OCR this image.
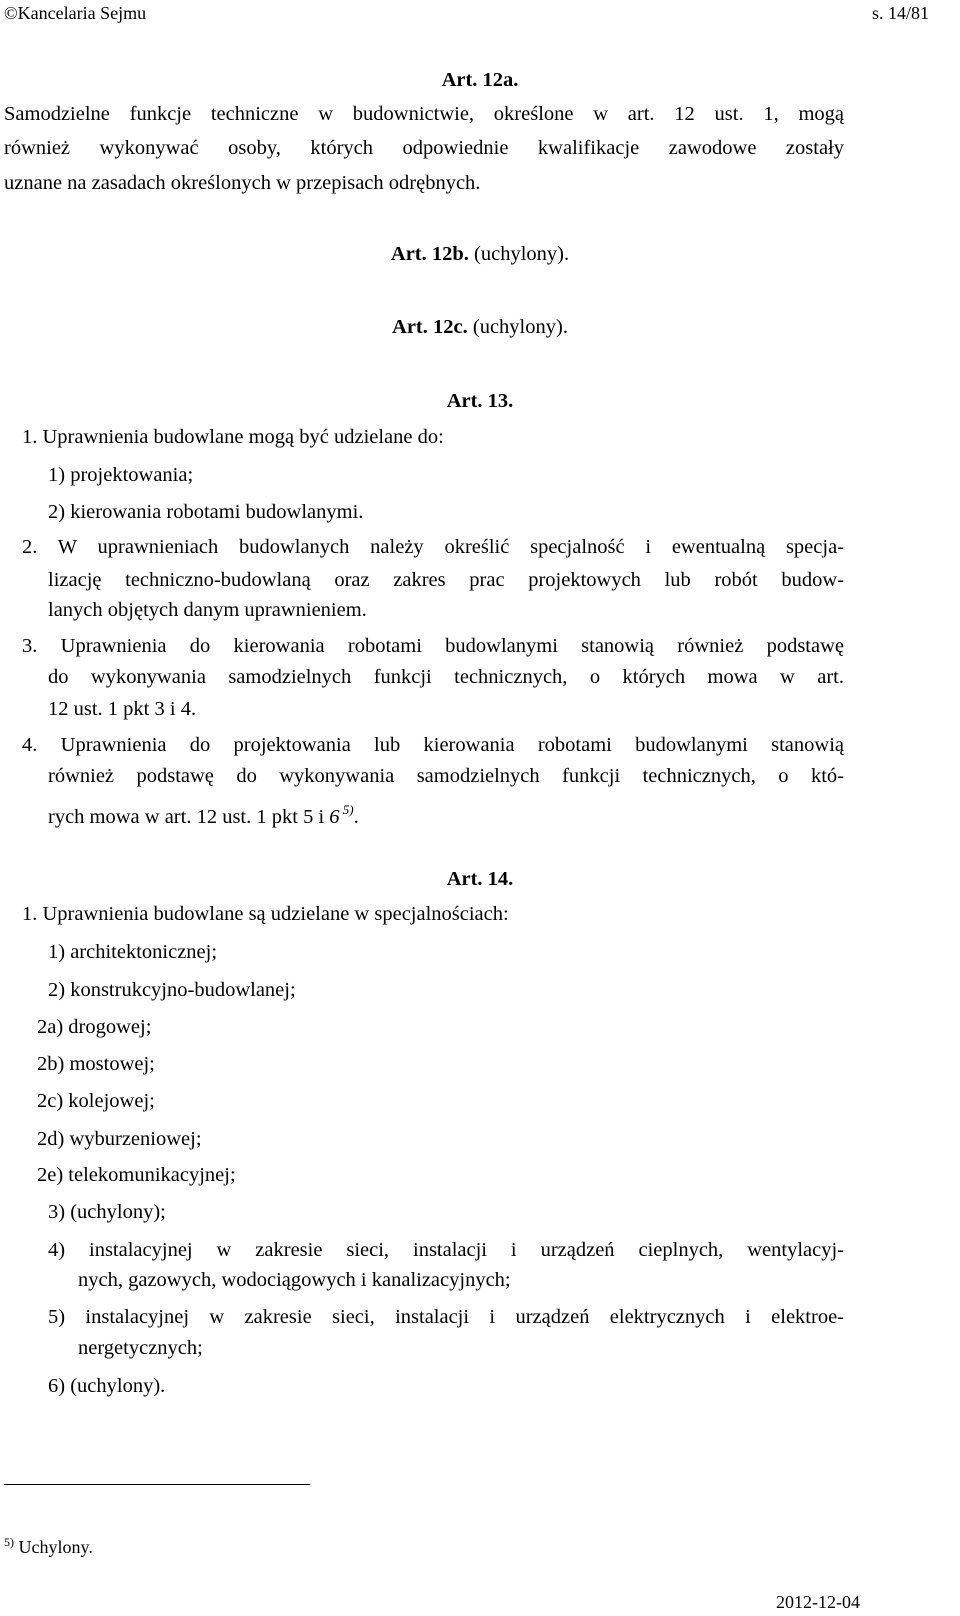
©Kancelaria Sejmu	s. 14/81
Art. 12a.
Samodzielne funkcje techniczne w budownictwie, określone w art. 12 ust. 1, mogą
również wykonywać osoby, których odpowiednie kwalifikacje zawodowe zostały
uznane na zasadach określonych w przepisach odrębnych.
Art. 12b. (uchylony).
Art. 12c. (uchylony).
Art. 13.
1. Uprawnienia budowlane mogą być udzielane do:
1) projektowania;
2) kierowania robotami budowlanymi.
2. W uprawnieniach budowlanych należy określić specjalność i ewentualną specja-
lizację techniczno-budowlaną oraz zakres prac projektowych lub robót budow-
lanych objętych danym uprawnieniem.
3. Uprawnienia do kierowania robotami budowlanymi stanowią również podstawę
do wykonywania samodzielnych funkcji technicznych, o których mowa w art.
12 ust. 1 pkt 3 i 4.
4. Uprawnienia do projektowania lub kierowania robotami budowlanymi stanowią
również podstawę do wykonywania samodzielnych funkcji technicznych, o któ-
rych mowa w art. 12 ust. 1 pkt 5 i 6 $^{5)}$.
Art. 14.
1. Uprawnienia budowlane są udzielane w specjalnościach:
1) architektonicznej;
2) konstrukcyjno-budowlanej;
2a) drogowej;
2b) mostowej;
2c) kolejowej;
2d) wyburzeniowej;
2e) telekomunikacyjnej;
3) (uchylony);
4) instalacyjnej w zakresie sieci, instalacji i urządzeń cieplnych, wentylacyj-
nych, gazowych, wodociągowych i kanalizacyjnych;
5) instalacyjnej w zakresie sieci, instalacji i urządzeń elektrycznych i elektroe-
nergetycznych;
6) (uchylony).
$^{5)}$ Uchylony.
2012-12-04
